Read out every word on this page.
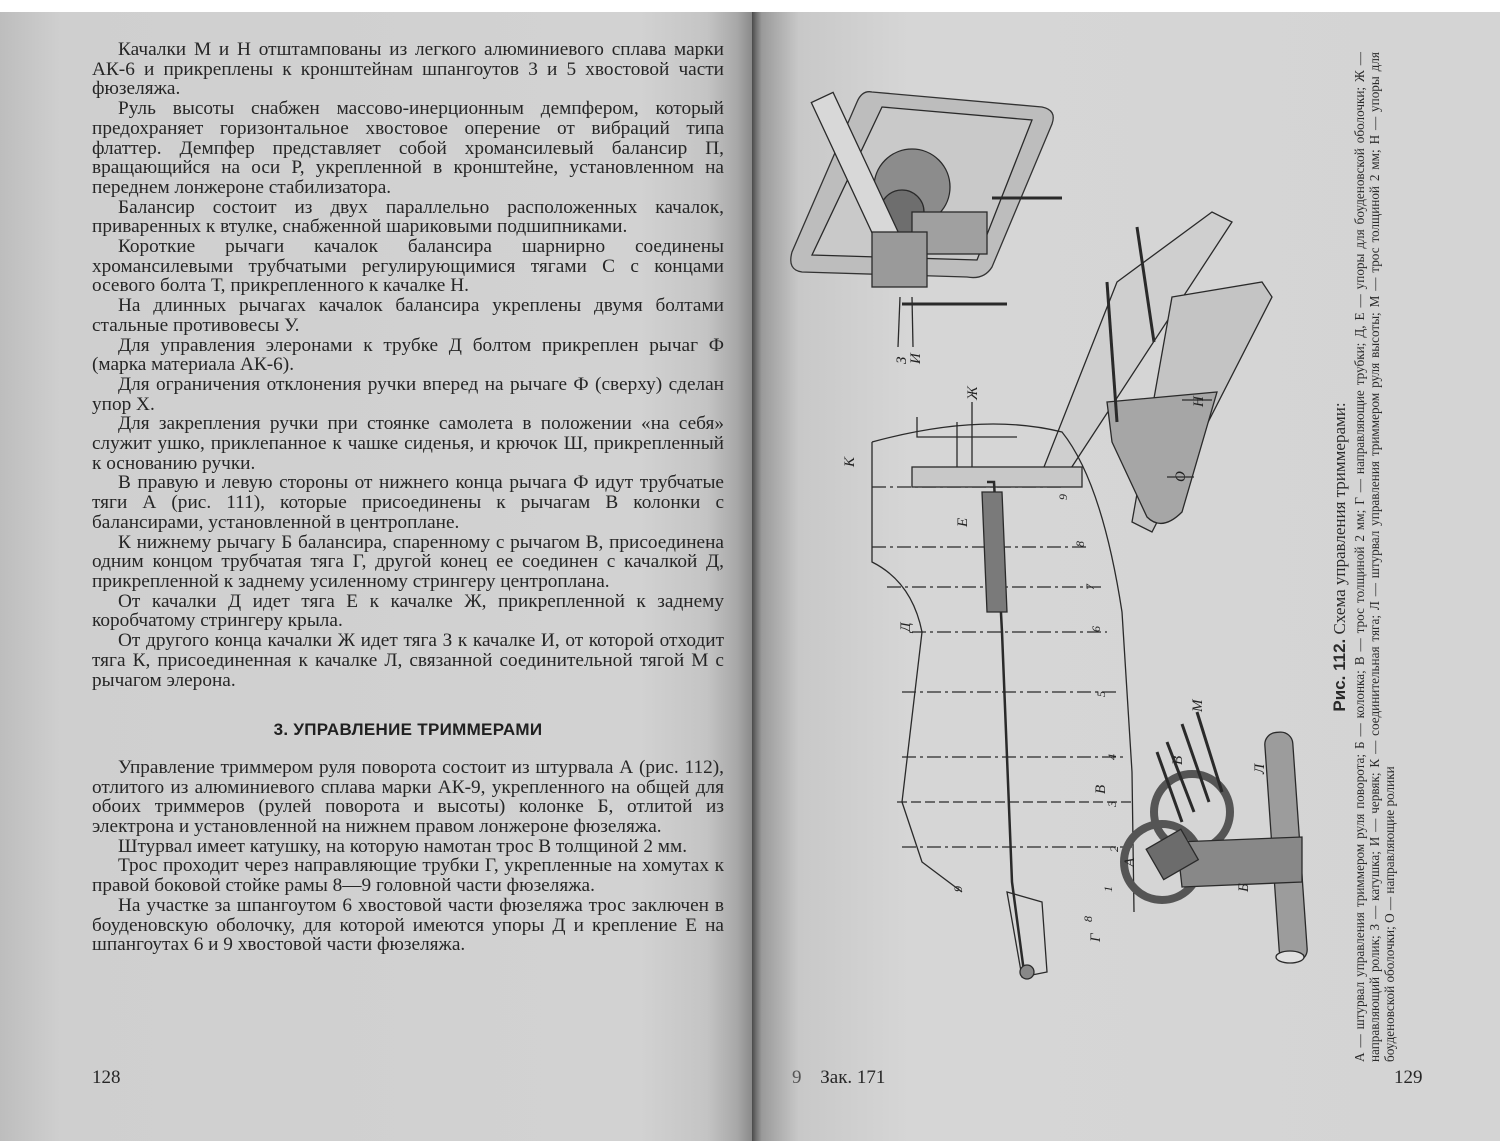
Качалки М и Н отштампованы из легкого алюминиевого сплава марки АК-6 и прикреплены к кронштейнам шпангоутов 3 и 5 хвостовой части фюзеляжа.

Руль высоты снабжен массово-инерционным демпфером, который предохраняет горизонтальное хвостовое оперение от вибраций типа флаттер. Демпфер представляет собой хромансилевый балансир П, вращающийся на оси Р, укрепленной в кронштейне, установленном на переднем лонжероне стабилизатора.

Балансир состоит из двух параллельно расположенных качалок, приваренных к втулке, снабженной шариковыми подшипниками.

Короткие рычаги качалок балансира шарнирно соединены хромансилевыми трубчатыми регулирующимися тягами С с концами осевого болта Т, прикрепленного к качалке Н.

На длинных рычагах качалок балансира укреплены двумя болтами стальные противовесы У.

Для управления элеронами к трубке Д болтом прикреплен рычаг Ф (марка материала АК-6).

Для ограничения отклонения ручки вперед на рычаге Ф (сверху) сделан упор Х.

Для закрепления ручки при стоянке самолета в положении «на себя» служит ушко, приклепанное к чашке сиденья, и крючок Ш, прикрепленный к основанию ручки.

В правую и левую стороны от нижнего конца рычага Ф идут трубчатые тяги А (рис. 111), которые присоединены к рычагам В колонки с балансирами, установленной в центроплане.

К нижнему рычагу Б балансира, спаренному с рычагом В, присоединена одним концом трубчатая тяга Г, другой конец ее соединен с качалкой Д, прикрепленной к заднему усиленному стрингеру центроплана.

От качалки Д идет тяга Е к качалке Ж, прикрепленной к заднему коробчатому стрингеру крыла.

От другого конца качалки Ж идет тяга З к качалке И, от которой отходит тяга К, присоединенная к качалке Л, связанной соединительной тягой М с рычагом элерона.

3. УПРАВЛЕНИЕ ТРИММЕРАМИ

Управление триммером руля поворота состоит из штурвала А (рис. 112), отлитого из алюминиевого сплава марки АК-9, укрепленного на общей для обоих триммеров (рулей поворота и высоты) колонке Б, отлитой из электрона и установленной на нижнем правом лонжероне фюзеляжа.

Штурвал имеет катушку, на которую намотан трос В толщиной 2 мм.

Трос проходит через направляющие трубки Г, укрепленные на хомутах к правой боковой стойке рамы 8—9 головной части фюзеляжа.

На участке за шпангоутом 6 хвостовой части фюзеляжа трос заключен в боуденовскую оболочку, для которой имеются упоры Д и крепление Е на шпангоутах 6 и 9 хвостовой части фюзеляжа.

128
З
И
Ж
К
Е
Д
Н
О
В
Г
А
В
М
Л
Б
9
8
7
6
5
4
3
2
1
9
8
Рис. 112. Схема управления триммерами: А — штурвал управления триммером руля поворота; Б — колонка; В — трос толщиной 2 мм; Г — направляющие трубки; Д, Е — упоры для боуденовской оболочки; Ж — направляющий ролик; З — катушка; И — червяк; К — соединительная тяга; Л — штурвал управления триммером руля высоты; М — трос толщиной 2 мм; Н — упоры для боуденовской оболочки; О — направляющие ролики
9 Зак. 171	129
